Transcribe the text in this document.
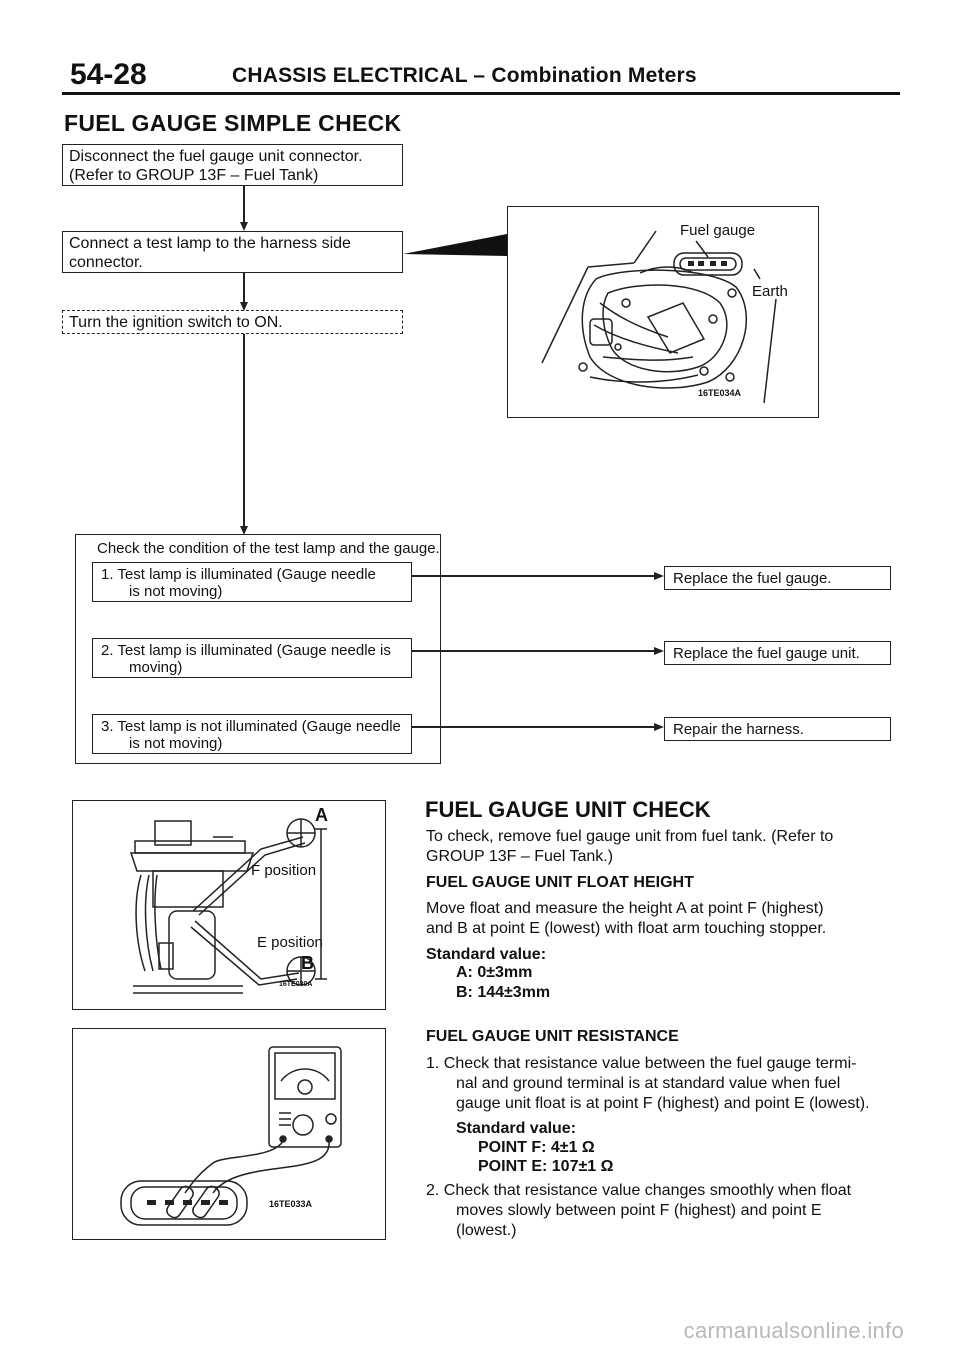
54-28	CHASSIS ELECTRICAL – Combination Meters
FUEL GAUGE SIMPLE CHECK
Disconnect the fuel gauge unit connector.
(Refer to GROUP 13F – Fuel Tank)
Connect a test lamp to the harness side
connector.
Turn the ignition switch to ON.
Fuel gauge
Earth
16TE034A
Check the condition of the test lamp and the gauge.
1. Test lamp is illuminated (Gauge needle
is not moving)
2. Test lamp is illuminated (Gauge needle is
moving)
3. Test lamp is not illuminated (Gauge needle
is not moving)
Replace the fuel gauge.
Replace the fuel gauge unit.
Repair the harness.
A
F position
E position
B
16TE030A
16TE033A
FUEL GAUGE UNIT CHECK
To check, remove fuel gauge unit from fuel tank. (Refer to
GROUP 13F – Fuel Tank.)
FUEL GAUGE UNIT FLOAT HEIGHT
Move float and measure the height A at point F (highest)
and B at point E (lowest) with float arm touching stopper.
Standard value:
A: 0±3mm
B: 144±3mm
FUEL GAUGE UNIT RESISTANCE
1. Check that resistance value between the fuel gauge termi-
nal and ground terminal is at standard value when fuel
gauge unit float is at point F (highest) and point E (lowest).
Standard value:
POINT F: 4±1 Ω
POINT E: 107±1 Ω
2. Check that resistance value changes smoothly when float
moves slowly between point F (highest) and point E
(lowest.)
carmanualsonline.info
